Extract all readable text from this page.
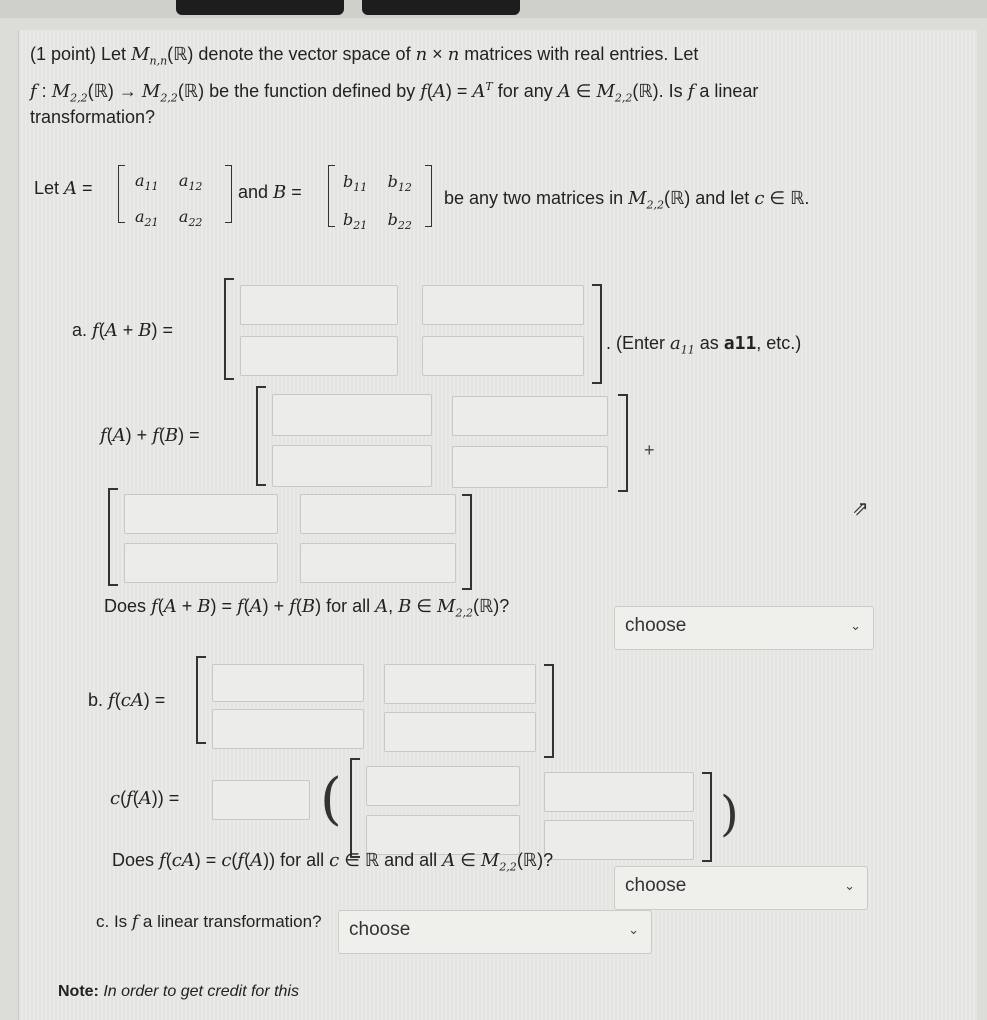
(1 point) Let $M_{n,n}(ℝ)$ denote the vector space of n × n matrices with real entries. Let
f : $M_{2,2}(ℝ)$ → $M_{2,2}(ℝ)$ be the function defined by $f(A) = A^T$ for any A ∈ $M_{2,2}(ℝ)$. Is f a linear
transformation?
Let A =	$a_{11}$    $a_{12}$
$a_{21}$    $a_{22}$
and B =
$b_{11}$    $b_{12}$
$b_{21}$    $b_{22}$
be any two matrices in $M_{2,2}(ℝ)$ and let c ∈ ℝ.
a. f(A + B) =
. (Enter $a_{11}$ as a11, etc.)
f(A) + f(B) =
+
Does f(A + B) = f(A) + f(B) for all A, B ∈ $M_{2,2}(ℝ)$?
choose	⌄
b. f(cA) =
c(f(A)) =	(	)
Does f(cA) = c(f(A)) for all c ∈ ℝ and all A ∈ $M_{2,2}(ℝ)$?
choose	⌄
c. Is f a linear transformation?	choose	⌄
Note: In order to get credit for this
⇗
